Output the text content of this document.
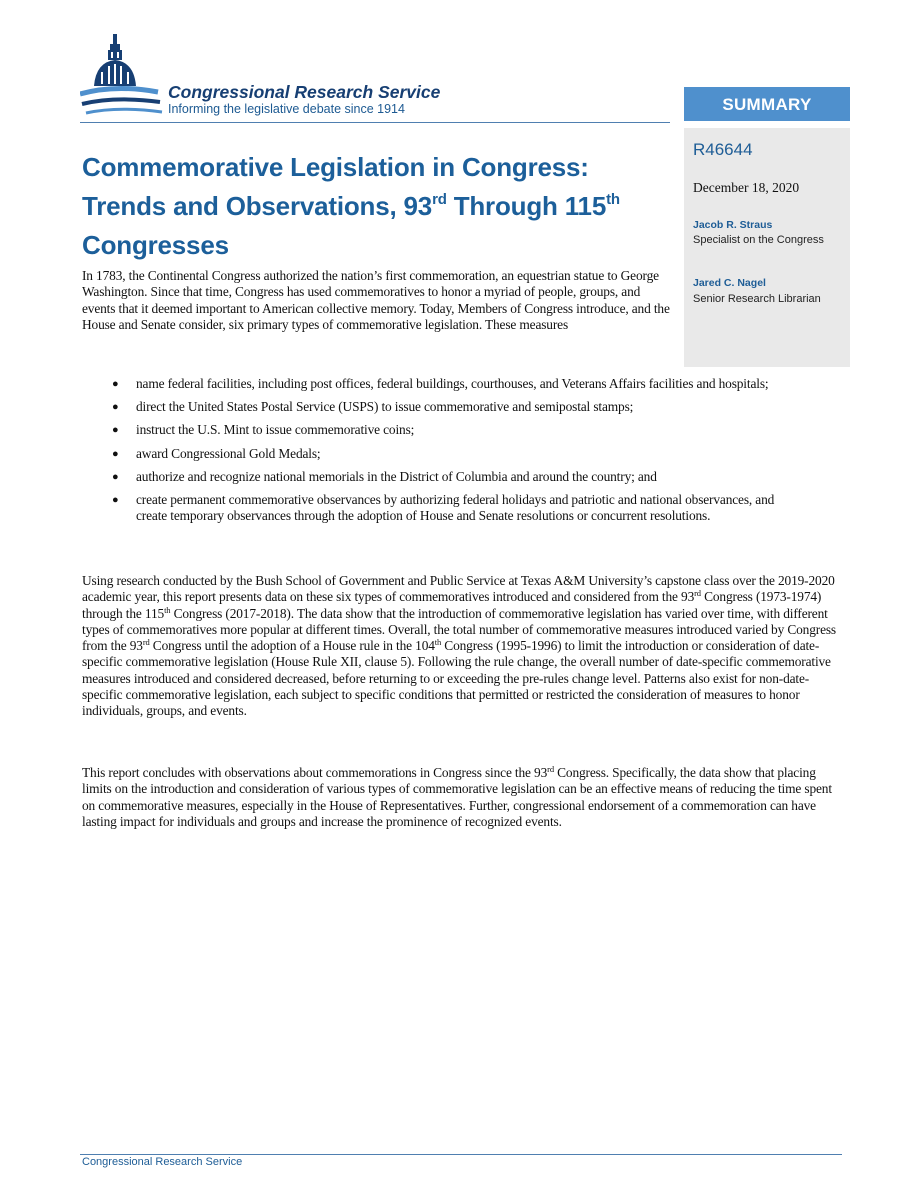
Congressional Research Service
Informing the legislative debate since 1914	SUMMARY
R46644
December 18, 2020
Jacob R. Straus
Specialist on the Congress
Jared C. Nagel
Senior Research Librarian
Commemorative Legislation in Congress:
Trends and Observations, 93rd Through 115th
Congresses

In 1783, the Continental Congress authorized the nation’s first commemoration, an equestrian statue to George Washington. Since that time, Congress has used commemoratives to honor a myriad of people, groups, and events that it deemed important to American collective memory. Today, Members of Congress introduce, and the House and Senate consider, six primary types of commemorative legislation. These measures

● name federal facilities, including post offices, federal buildings, courthouses, and Veterans Affairs facilities and hospitals;
● direct the United States Postal Service (USPS) to issue commemorative and semipostal stamps;
● instruct the U.S. Mint to issue commemorative coins;
● award Congressional Gold Medals;
● authorize and recognize national memorials in the District of Columbia and around the country; and
● create permanent commemorative observances by authorizing federal holidays and patriotic and national observances, and create temporary observances through the adoption of House and Senate resolutions or concurrent resolutions.

Using research conducted by the Bush School of Government and Public Service at Texas A&M University’s capstone class over the 2019-2020 academic year, this report presents data on these six types of commemoratives introduced and considered from the 93rd Congress (1973-1974) through the 115th Congress (2017-2018). The data show that the introduction of commemorative legislation has varied over time, with different types of commemoratives more popular at different times. Overall, the total number of commemorative measures introduced varied by Congress from the 93rd Congress until the adoption of a House rule in the 104th Congress (1995-1996) to limit the introduction or consideration of date-specific commemorative legislation (House Rule XII, clause 5). Following the rule change, the overall number of date-specific commemorative measures introduced and considered decreased, before returning to or exceeding the pre-rules change level. Patterns also exist for non-date-specific commemorative legislation, each subject to specific conditions that permitted or restricted the consideration of measures to honor individuals, groups, and events.

This report concludes with observations about commemorations in Congress since the 93rd Congress. Specifically, the data show that placing limits on the introduction and consideration of various types of commemorative legislation can be an effective means of reducing the time spent on commemorative measures, especially in the House of Representatives. Further, congressional endorsement of a commemoration can have lasting impact for individuals and groups and increase the prominence of recognized events.

Congressional Research Service
